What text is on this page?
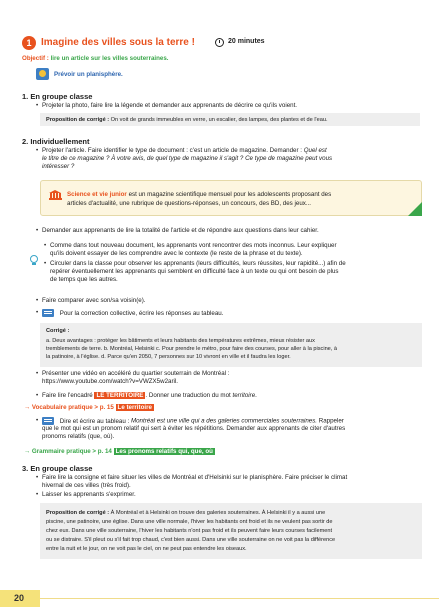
1 Imagine des villes sous la terre !	20 minutes
Objectif : lire un article sur les villes souterraines.
Prévoir un planisphère.
1. En groupe classe
• Projeter la photo, faire lire la légende et demander aux apprenants de décrire ce qu'ils voient.
Proposition de corrigé : On voit de grands immeubles en verre, un escalier, des lampes, des plantes et de l'eau.
2. Individuellement
• Projeter l'article. Faire identifier le type de document : c'est un article de magazine. Demander : Quel est
le titre de ce magazine ? À votre avis, de quel type de magazine il s'agit ? Ce type de magazine peut vous
intéresser ?
Science et vie junior est un magazine scientifique mensuel pour les adolescents proposant des
articles d'actualité, une rubrique de questions-réponses, un concours, des BD, des jeux...
• Demander aux apprenants de lire la totalité de l'article et de répondre aux questions dans leur cahier.
• Comme dans tout nouveau document, les apprenants vont rencontrer des mots inconnus. Leur expliquer
qu'ils doivent essayer de les comprendre avec le contexte (le reste de la phrase et du texte).
• Circuler dans la classe pour observer les apprenants (leurs difficultés, leurs réussites, leur rapidité...) afin de
repérer éventuellement les apprenants qui semblent en difficulté face à un texte ou qui ont besoin de plus
de temps que les autres.
• Faire comparer avec son/sa voisin(e).
• Pour la correction collective, écrire les réponses au tableau.
Corrigé :
a. Deux avantages : protéger les bâtiments et leurs habitants des températures extrêmes, mieux résister aux
tremblements de terre. b. Montréal, Helsinki c. Pour prendre le métro, pour faire des courses, pour aller à la piscine, à
la patinoire, à l'église. d. Parce qu'en 2050, 7 personnes sur 10 vivront en ville et il faudra les loger.
• Présenter une vidéo en accéléré du quartier souterrain de Montréal :
https://www.youtube.com/watch?v=VWZX5w2aril.
• Faire lire l'encadré LE TERRITOIRE . Donner une traduction du mot territoire.
→ Vocabulaire pratique > p. 15 Le territoire
• Dire et écrire au tableau : Montréal est une ville qui a des galeries commerciales souterraines. Rappeler
que le mot qui est un pronom relatif qui sert à éviter les répétitions. Demander aux apprenants de citer d'autres
pronoms relatifs (que, où).
→ Grammaire pratique > p. 14 Les pronoms relatifs qui, que, où
3. En groupe classe
• Faire lire la consigne et faire situer les villes de Montréal et d'Helsinki sur le planisphère. Faire préciser le climat
hivernal de ces villes (très froid).
• Laisser les apprenants s'exprimer.
Proposition de corrigé : À Montréal et à Helsinki on trouve des galeries souterraines. À Helsinki il y a aussi une
piscine, une patinoire, une église. Dans une ville normale, l'hiver les habitants ont froid et ils ne veulent pas sortir de
chez eux. Dans une ville souterraine, l'hiver les habitants n'ont pas froid et ils peuvent faire leurs courses facilement
ou se distraire. S'il pleut ou s'il fait trop chaud, c'est bien aussi. Dans une ville souterraine on ne voit pas la différence
entre la nuit et le jour, on ne voit pas le ciel, on ne peut pas entendre les oiseaux.
20
